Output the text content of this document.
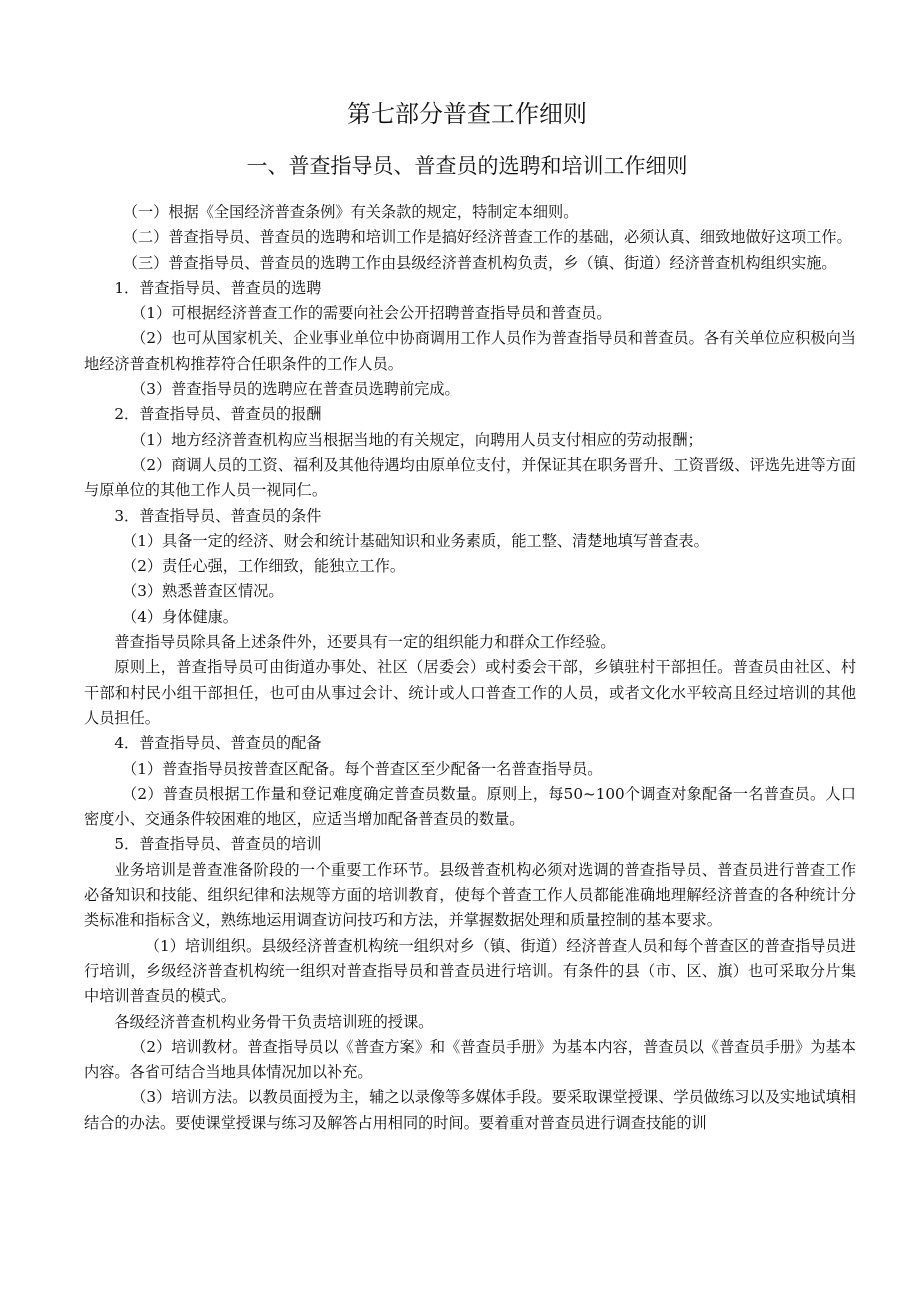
第七部分普查工作细则
一、普查指导员、普查员的选聘和培训工作细则

（一）根据《全国经济普查条例》有关条款的规定，特制定本细则。

（二）普查指导员、普查员的选聘和培训工作是搞好经济普查工作的基础，必须认真、细致地做好这项工作。

（三）普查指导员、普查员的选聘工作由县级经济普查机构负责，乡（镇、街道）经济普查机构组织实施。

1．普查指导员、普查员的选聘

（1）可根据经济普查工作的需要向社会公开招聘普查指导员和普查员。

（2）也可从国家机关、企业事业单位中协商调用工作人员作为普查指导员和普查员。各有关单位应积极向当地经济普查机构推荐符合任职条件的工作人员。

（3）普查指导员的选聘应在普查员选聘前完成。

2．普查指导员、普查员的报酬

（1）地方经济普查机构应当根据当地的有关规定，向聘用人员支付相应的劳动报酬；

（2）商调人员的工资、福利及其他待遇均由原单位支付，并保证其在职务晋升、工资晋级、评选先进等方面与原单位的其他工作人员一视同仁。

3．普查指导员、普查员的条件

（1）具备一定的经济、财会和统计基础知识和业务素质，能工整、清楚地填写普查表。

（2）责任心强，工作细致，能独立工作。

（3）熟悉普查区情况。

（4）身体健康。

普查指导员除具备上述条件外，还要具有一定的组织能力和群众工作经验。

原则上，普查指导员可由街道办事处、社区（居委会）或村委会干部，乡镇驻村干部担任。普查员由社区、村干部和村民小组干部担任，也可由从事过会计、统计或人口普查工作的人员，或者文化水平较高且经过培训的其他人员担任。

4．普查指导员、普查员的配备

（1）普查指导员按普查区配备。每个普查区至少配备一名普查指导员。

（2）普查员根据工作量和登记难度确定普查员数量。原则上，每50~100个调查对象配备一名普查员。人口密度小、交通条件较困难的地区，应适当增加配备普查员的数量。

5．普查指导员、普查员的培训

业务培训是普查准备阶段的一个重要工作环节。县级普查机构必须对选调的普查指导员、普查员进行普查工作必备知识和技能、组织纪律和法规等方面的培训教育，使每个普查工作人员都能准确地理解经济普查的各种统计分类标准和指标含义，熟练地运用调查访问技巧和方法，并掌握数据处理和质量控制的基本要求。

（1）培训组织。县级经济普查机构统一组织对乡（镇、街道）经济普查人员和每个普查区的普查指导员进行培训，乡级经济普查机构统一组织对普查指导员和普查员进行培训。有条件的县（市、区、旗）也可采取分片集中培训普查员的模式。

各级经济普查机构业务骨干负责培训班的授课。

（2）培训教材。普查指导员以《普查方案》和《普查员手册》为基本内容，普查员以《普查员手册》为基本内容。各省可结合当地具体情况加以补充。

（3）培训方法。以教员面授为主，辅之以录像等多媒体手段。要采取课堂授课、学员做练习以及实地试填相结合的办法。要使课堂授课与练习及解答占用相同的时间。要着重对普查员进行调查技能的训
